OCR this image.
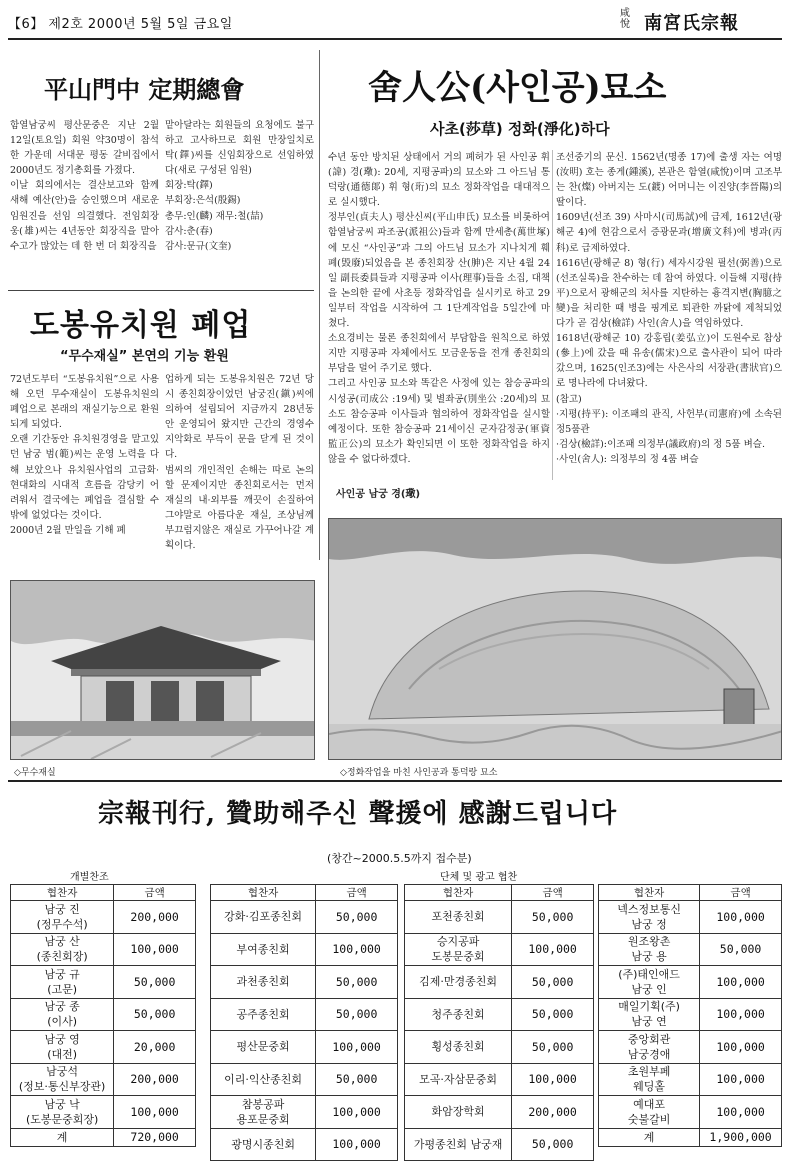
【6】 제2호 2000년 5월 5일 금요일
咸悅 南宮氏宗報
平山門中 定期總會
함열남궁씨 평산문중은 지난 2월 12일(토요일) 회원 약30명이 참석한 가운데 서대문 평동 갈비집에서 2000년도 정기총회를 가졌다.
이날 회의에서는 결산보고와 함께 새해 예산(안)을 승인했으며 새로운 임원진을 선임 의결했다. 전임회장 웅(雄)씨는 4년동안 회장직을 맡아 수고가 많았는 데 한 번 더 회장직을
맡아달라는 회원들의 요청에도 불구하고 고사하므로 회원 만장일치로 탁(鐸)씨를 신임회장으로 선임하였다(새로 구성된 임원)
회장:탁(鐸)
부회장:은석(殷錫)
총무:인(麟) 재무:철(喆)
감사:춘(春)
감사:문규(文奎)
도봉유치원 폐업
“무수재실” 본연의 기능 환원
72년도부터 “도봉유치원”으로 사용해 오던 무수재실이 도봉유치원의 폐업으로 본래의 재실기능으로 환원되게 되었다.
오랜 기간동안 유치원경영을 맡고있던 남궁 범(範)씨는 운영 노력을 다해 보았으나 유치원사업의 고급화·현대화의 시대적 흐름을 감당키 어려워서 결국에는 폐업을 결심할 수밖에 없었다는 것이다.
2000년 2월 만일을 기해 폐
업하게 되는 도봉유치원은 72년 당시 종친회장이었던 남궁진(鎭)씨에 의하여 설립되어 지금까지 28년동안 운영되어 왔지만 근간의 경영수지악화로 부득이 문을 닫게 된 것이다.
범씨의 개인적인 손해는 따로 논의 할 문제이지만 종친회로서는 먼저 재실의 내·외부를 깨끗이 손질하여 그야말로 아름다운 재실, 조상님께 부끄럼지않은 재실로 가꾸어나갈 계획이다.
舍人公(사인공)묘소
사초(莎草) 정화(淨化)하다
수년 동안 방치된 상태에서 거의 폐허가 된 사인공 휘(諱) 경(璥): 20세, 지평공파)의 묘소와 그 아드님 통덕랑(通德郞) 휘 형(珩)의 묘소 정화작업을 대대적으로 실시했다.
정부인(貞夫人) 평산신씨(平山申氏) 묘소를 비롯하여 함열남궁씨 파조공(派祖公)들과 함께 만세총(萬世塚)에 모신 “사인공”과 그의 아드님 묘소가 지나치게 훼폐(毁廢)되었음을 본 종친회장 산(胂)은 지난 4월 24일 副長委員들과 지평공파 이사(理事)들을 소집, 대책을 논의한 끝에 사초등 정화작업을 실시키로 하고 29일부터 작업을 시작하여 그 1단계작업을 5일간에 마쳤다.
소요경비는 물론 종친회에서 부담함을 원칙으로 하였지만 지평공파 자체에서도 모금운동을 전개 종친회의 부담을 덜어 주기로 했다.
그리고 사인공 묘소와 똑같은 사정에 있는 참승공파의 시성공(司成公 :19세) 및 별좌공(別坐公 :20세)의 묘소도 참승공파 이사들과 협의하여 정화작업을 실시할 예정이다. 또한 참승공파 21세이신 군자감정공(軍資監正公)의 묘소가 확인되면 이 또한 정화작업을 하지 않을 수 없다하겠다.
조선중기의 문신. 1562년(명종 17)에 출생 자는 여명(汝明) 호는 종게(鍾溪), 본관은 함열(咸悅)이며 고조부는 찬(燦) 아버지는 도(鍍) 어머니는 이진양(李晉陽)의 딸이다.
1609년(선조 39) 사마시(司馬試)에 급제, 1612년(광해군 4)에 현감으로서 증광문과(增廣文科)에 병과(丙科)로 급제하였다.
1616년(광해군 8) 형(行) 세자시강원 필선(弼善)으로(선조실록)을 찬수하는 데 참여 하였다. 이들해 지평(持平)으로서 광해군의 처사를 지탄하는 흉격지변(胸臆之變)을 처리한 때 병을 핑계로 퇴관한 까닭에 제척되었다가 곧 검상(檢詳) 사인(舍人)을 역임하였다.
1618년(광해군 10) 강홍립(姜弘立)이 도원수로 참상(參上)에 갔을 때 유송(儒宋)으로 출사관이 되어 따라갔으며, 1625(인조3)에는 사은사의 서장관(書狀官)으로 명나라에 다녀왔다.
(참고)
·지평(持平): 이조패의 관직, 사헌부(司憲府)에 소속된 정5품관
·검상(檢詳):이조패 의정부(議政府)의 정 5품 벼슬.
·사인(舍人): 의정부의 정 4품 벼슬
사인공 남궁 경(璥)
◇무수재실	◇정화작업을 마친 사인공과 통덕랑 묘소
宗報刊行, 贊助해주신 聲援에 感謝드립니다
(창간~2000.5.5까지 접수분)
개별찬조	단체 및 광고 협찬
협찬자	금액

남궁 진
(정무수석)	200,000

남궁 산
(종친회장)	100,000

남궁 규
(고문)	50,000

남궁 종
(이사)	50,000

남궁 영
(대전)	20,000

남궁석
(정보·통신부장관)	200,000

남궁 낙
(도봉문중회장)	100,000

계	720,000
협찬자	금액

강화·김포종친회	50,000

부여종친회	100,000

과천종친회	50,000

공주종친회	50,000

평산문중회	100,000

이리·익산종친회	50,000

참봉공파
용포문중회	100,000

광명시종친회	100,000
협찬자	금액

포천종친회	50,000

승지공파
도봉문중회	100,000

김제·만경종친회	50,000

청주종친회	50,000

횡성종친회	50,000

모곡·자삼문중회	100,000

화암장학회	200,000

가평종친회 남궁재	50,000
협찬자	금액

넥스정보통신
남궁 정	100,000

원조왕촌
남궁 용	50,000

(주)태인애드
남궁 인	100,000

매일기획(주)
남궁 연	100,000

중앙회관
남궁경애	100,000

초원부페
웨딩홀	100,000

예대포
숫불갈비	100,000

계	1,900,000
